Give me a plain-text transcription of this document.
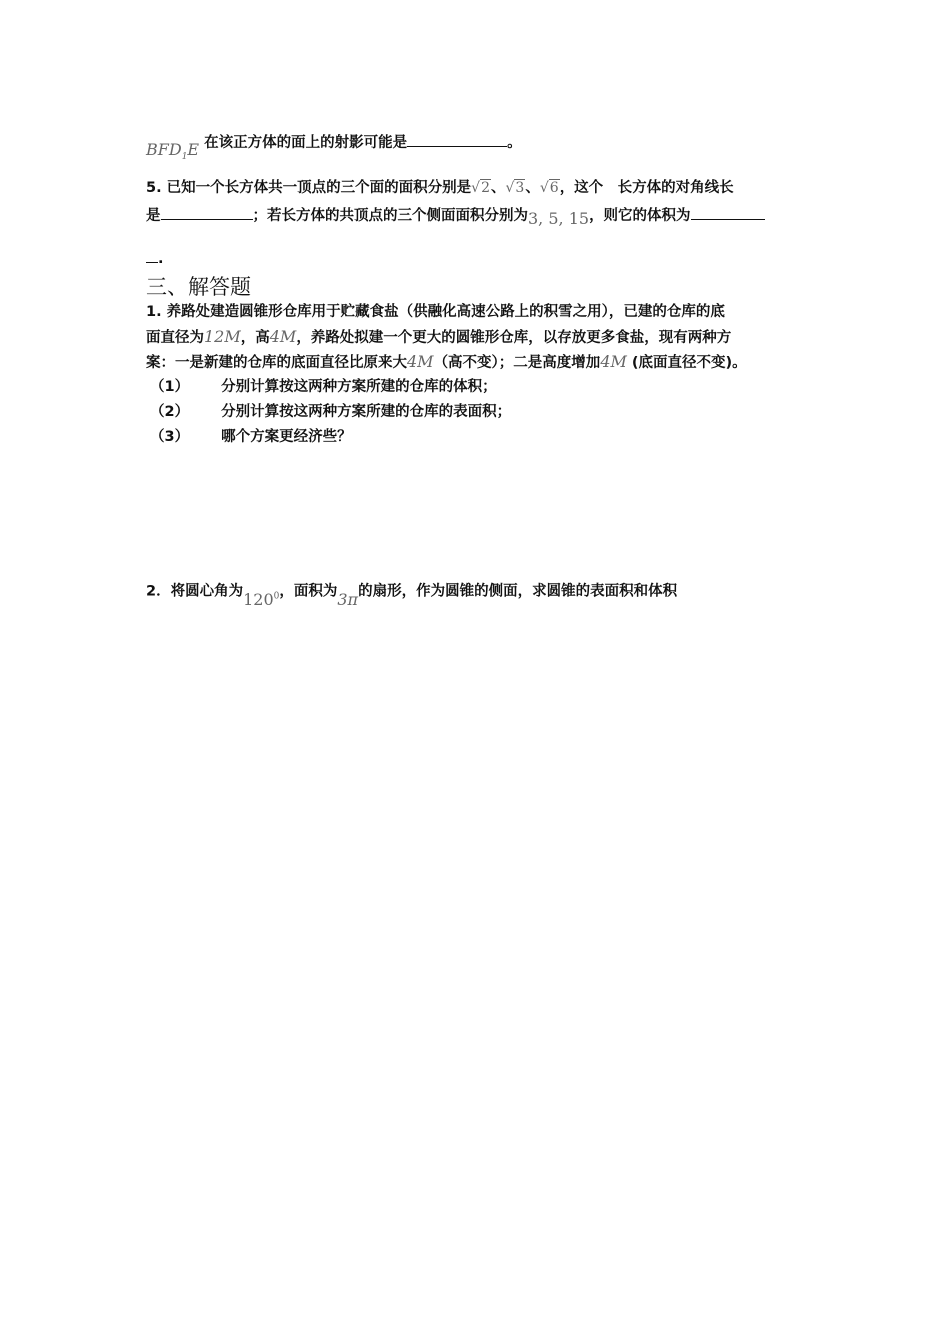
$BFD_1E$ 在该正方体的面上的射影可能是	。
5. 已知一个长方体共一顶点的三个面的面积分别是√2、√3、√6，这个　长方体的对角线长
是	；若长方体的共顶点的三个侧面面积分别为3, 5, 15，则它的体积为
.
三、解答题
1. 养路处建造圆锥形仓库用于贮藏食盐（供融化高速公路上的积雪之用），已建的仓库的底
面直径为12M，高4M，养路处拟建一个更大的圆锥形仓库，以存放更多食盐，现有两种方
案：一是新建的仓库的底面直径比原来大4M（高不变）；二是高度增加4M (底面直径不变)。
（1） 分别计算按这两种方案所建的仓库的体积；
（2） 分别计算按这两种方案所建的仓库的表面积；
（3） 哪个方案更经济些？
2．将圆心角为$120^0$，面积为3π的扇形，作为圆锥的侧面，求圆锥的表面积和体积
